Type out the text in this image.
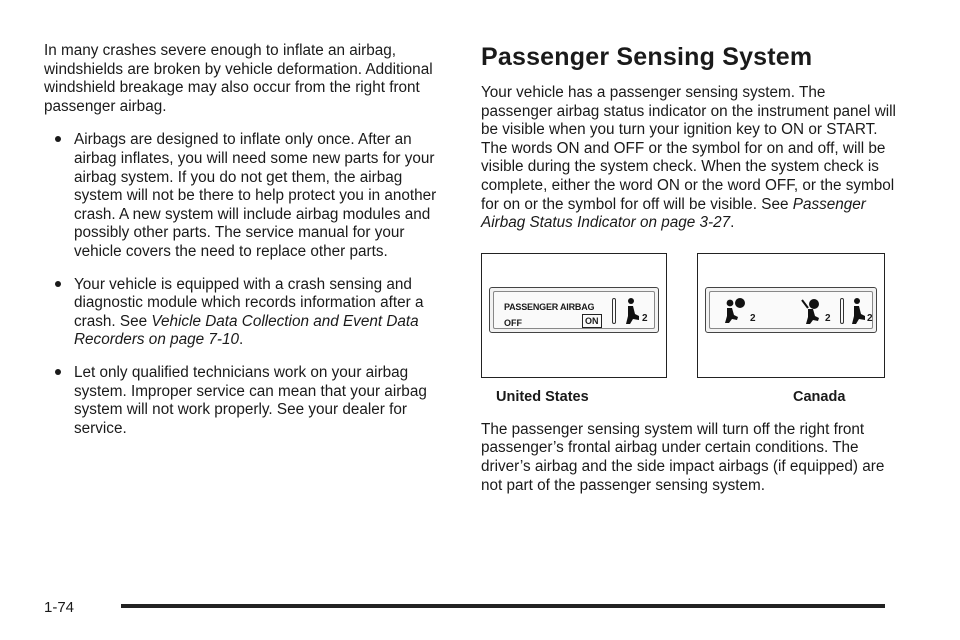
In many crashes severe enough to inflate an airbag, windshields are broken by vehicle deformation. Additional windshield breakage may also occur from the right front passenger airbag.

Airbags are designed to inflate only once. After an airbag inflates, you will need some new parts for your airbag system. If you do not get them, the airbag system will not be there to help protect you in another crash. A new system will include airbag modules and possibly other parts. The service manual for your vehicle covers the need to replace other parts.
Your vehicle is equipped with a crash sensing and diagnostic module which records information after a crash. See Vehicle Data Collection and Event Data Recorders on page 7-10.
Let only qualified technicians work on your airbag system. Improper service can mean that your airbag system will not work properly. See your dealer for service.
Passenger Sensing System

Your vehicle has a passenger sensing system. The passenger airbag status indicator on the instrument panel will be visible when you turn your ignition key to ON or START. The words ON and OFF or the symbol for on and off, will be visible during the system check. When the system check is complete, either the word ON or the word OFF, or the symbol for on or the symbol for off will be visible. See Passenger Airbag Status Indicator on page 3-27.

PASSENGER AIRBAG
OFF	ON	2	2	2	2
United States	Canada

The passenger sensing system will turn off the right front passenger’s frontal airbag under certain conditions. The driver’s airbag and the side impact airbags (if equipped) are not part of the passenger sensing system.

1-74
